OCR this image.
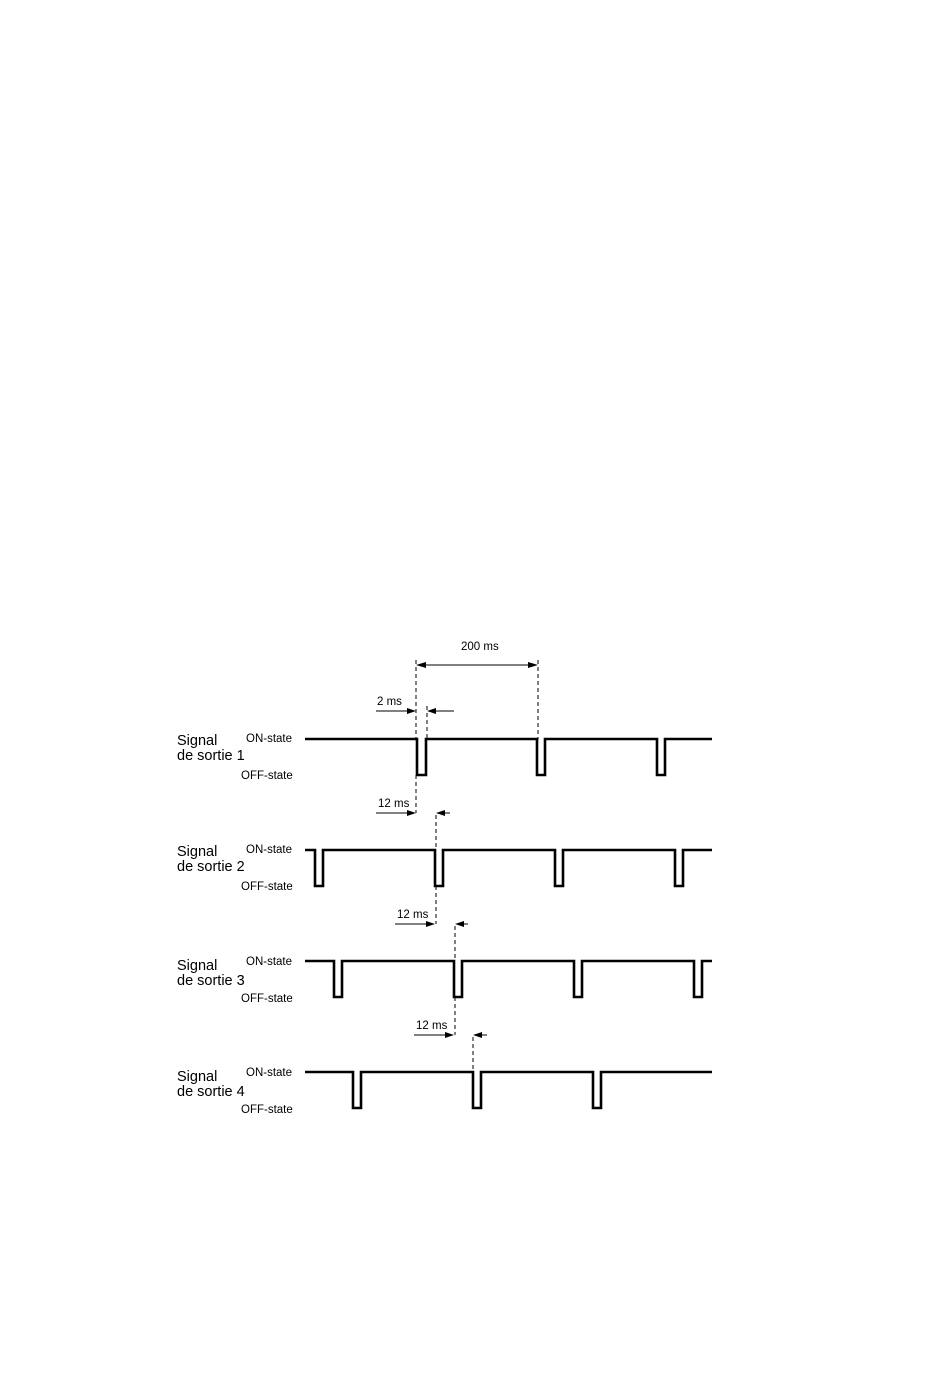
200 ms
2 ms
Signal
de sortie 1
ON-state
OFF-state
12 ms
Signal
de sortie 2
ON-state
OFF-state
12 ms
Signal
de sortie 3
ON-state
OFF-state
12 ms
Signal
de sortie 4
ON-state
OFF-state
